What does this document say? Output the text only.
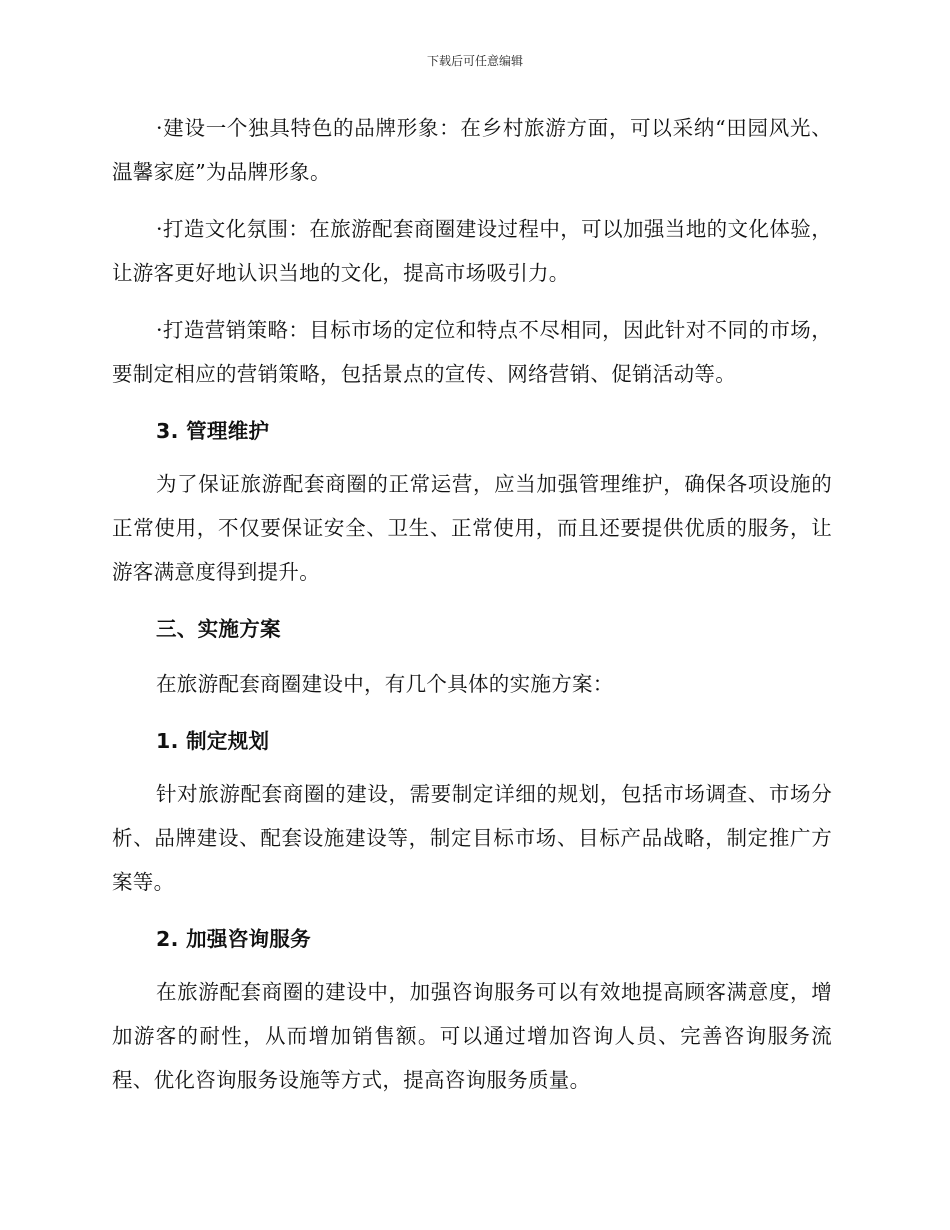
下载后可任意编辑

·建设一个独具特色的品牌形象：在乡村旅游方面，可以采纳“田园风光、温馨家庭”为品牌形象。

·打造文化氛围：在旅游配套商圈建设过程中，可以加强当地的文化体验，让游客更好地认识当地的文化，提高市场吸引力。

·打造营销策略：目标市场的定位和特点不尽相同，因此针对不同的市场，要制定相应的营销策略，包括景点的宣传、网络营销、促销活动等。

3. 管理维护

为了保证旅游配套商圈的正常运营，应当加强管理维护，确保各项设施的正常使用，不仅要保证安全、卫生、正常使用，而且还要提供优质的服务，让游客满意度得到提升。

三、实施方案

在旅游配套商圈建设中，有几个具体的实施方案：

1. 制定规划

针对旅游配套商圈的建设，需要制定详细的规划，包括市场调查、市场分析、品牌建设、配套设施建设等，制定目标市场、目标产品战略，制定推广方案等。

2. 加强咨询服务

在旅游配套商圈的建设中，加强咨询服务可以有效地提高顾客满意度，增加游客的耐性，从而增加销售额。可以通过增加咨询人员、完善咨询服务流程、优化咨询服务设施等方式，提高咨询服务质量。
